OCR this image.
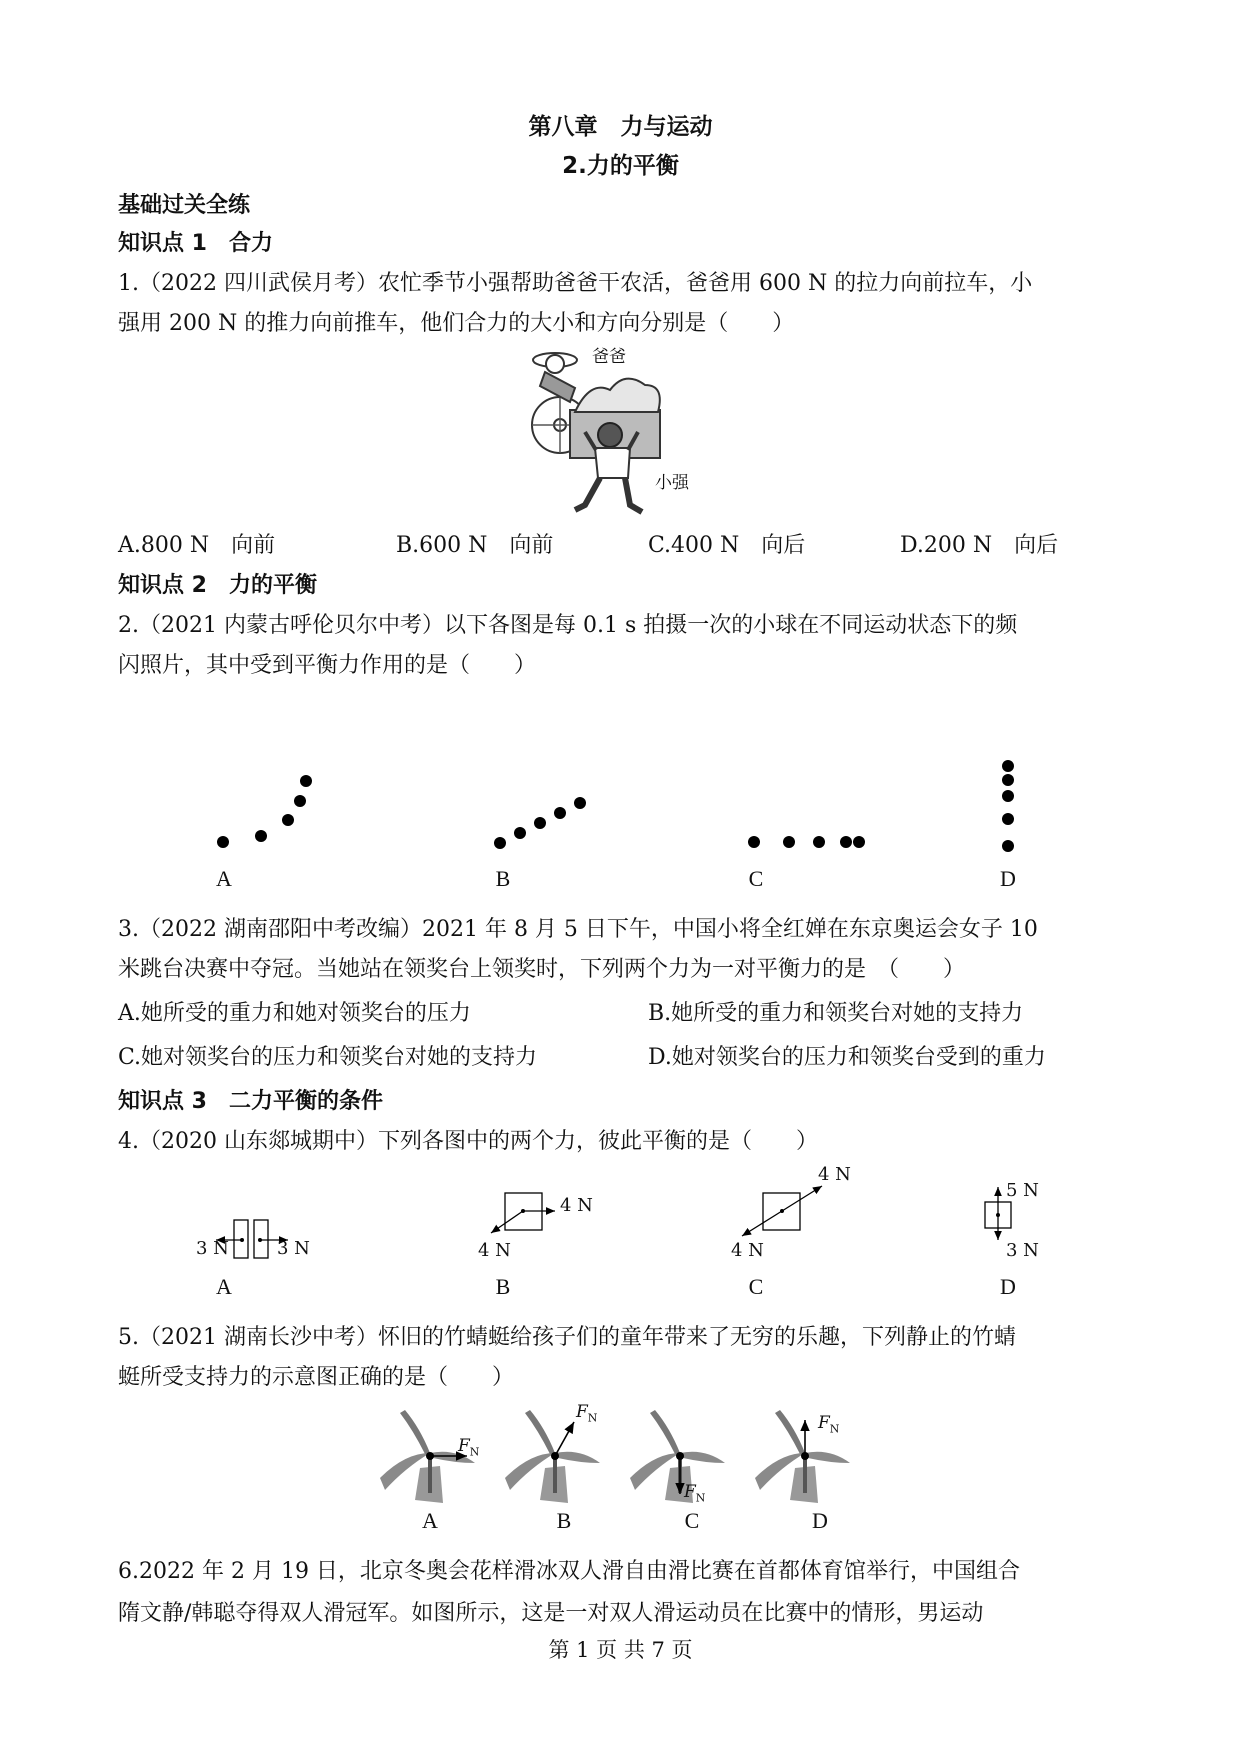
第八章　力与运动
2.力的平衡
基础过关全练
知识点 1　合力
1.（2022 四川武侯月考）农忙季节小强帮助爸爸干农活，爸爸用 600 N 的拉力向前拉车，小
强用 200 N 的推力向前推车，他们合力的大小和方向分别是（　　）
爸爸
小强
A.800 N　向前	B.600 N　向前	C.400 N　向后	D.200 N　向后
知识点 2　力的平衡
2.（2021 内蒙古呼伦贝尔中考）以下各图是每 0.1 s 拍摄一次的小球在不同运动状态下的频
闪照片，其中受到平衡力作用的是（　　）
A	B	C	D
3.（2022 湖南邵阳中考改编）2021 年 8 月 5 日下午，中国小将全红婵在东京奥运会女子 10
米跳台决赛中夺冠。当她站在领奖台上领奖时，下列两个力为一对平衡力的是　（　　）
A.她所受的重力和她对领奖台的压力	B.她所受的重力和领奖台对她的支持力
C.她对领奖台的压力和领奖台对她的支持力	D.她对领奖台的压力和领奖台受到的重力
知识点 3　二力平衡的条件
4.（2020 山东郯城期中）下列各图中的两个力，彼此平衡的是（　　）
3 N	3 N
4 N
4 N
4 N
4 N
5 N
3 N
A	B	C	D
5.（2021 湖南长沙中考）怀旧的竹蜻蜓给孩子们的童年带来了无穷的乐趣，下列静止的竹蜻
蜓所受支持力的示意图正确的是（　　）
$F_N$
$F_N$
$F_N$
$F_N$
A	B	C	D
6.2022 年 2 月 19 日，北京冬奥会花样滑冰双人滑自由滑比赛在首都体育馆举行，中国组合
隋文静/韩聪夺得双人滑冠军。如图所示，这是一对双人滑运动员在比赛中的情形，男运动
第 1 页 共 7 页
